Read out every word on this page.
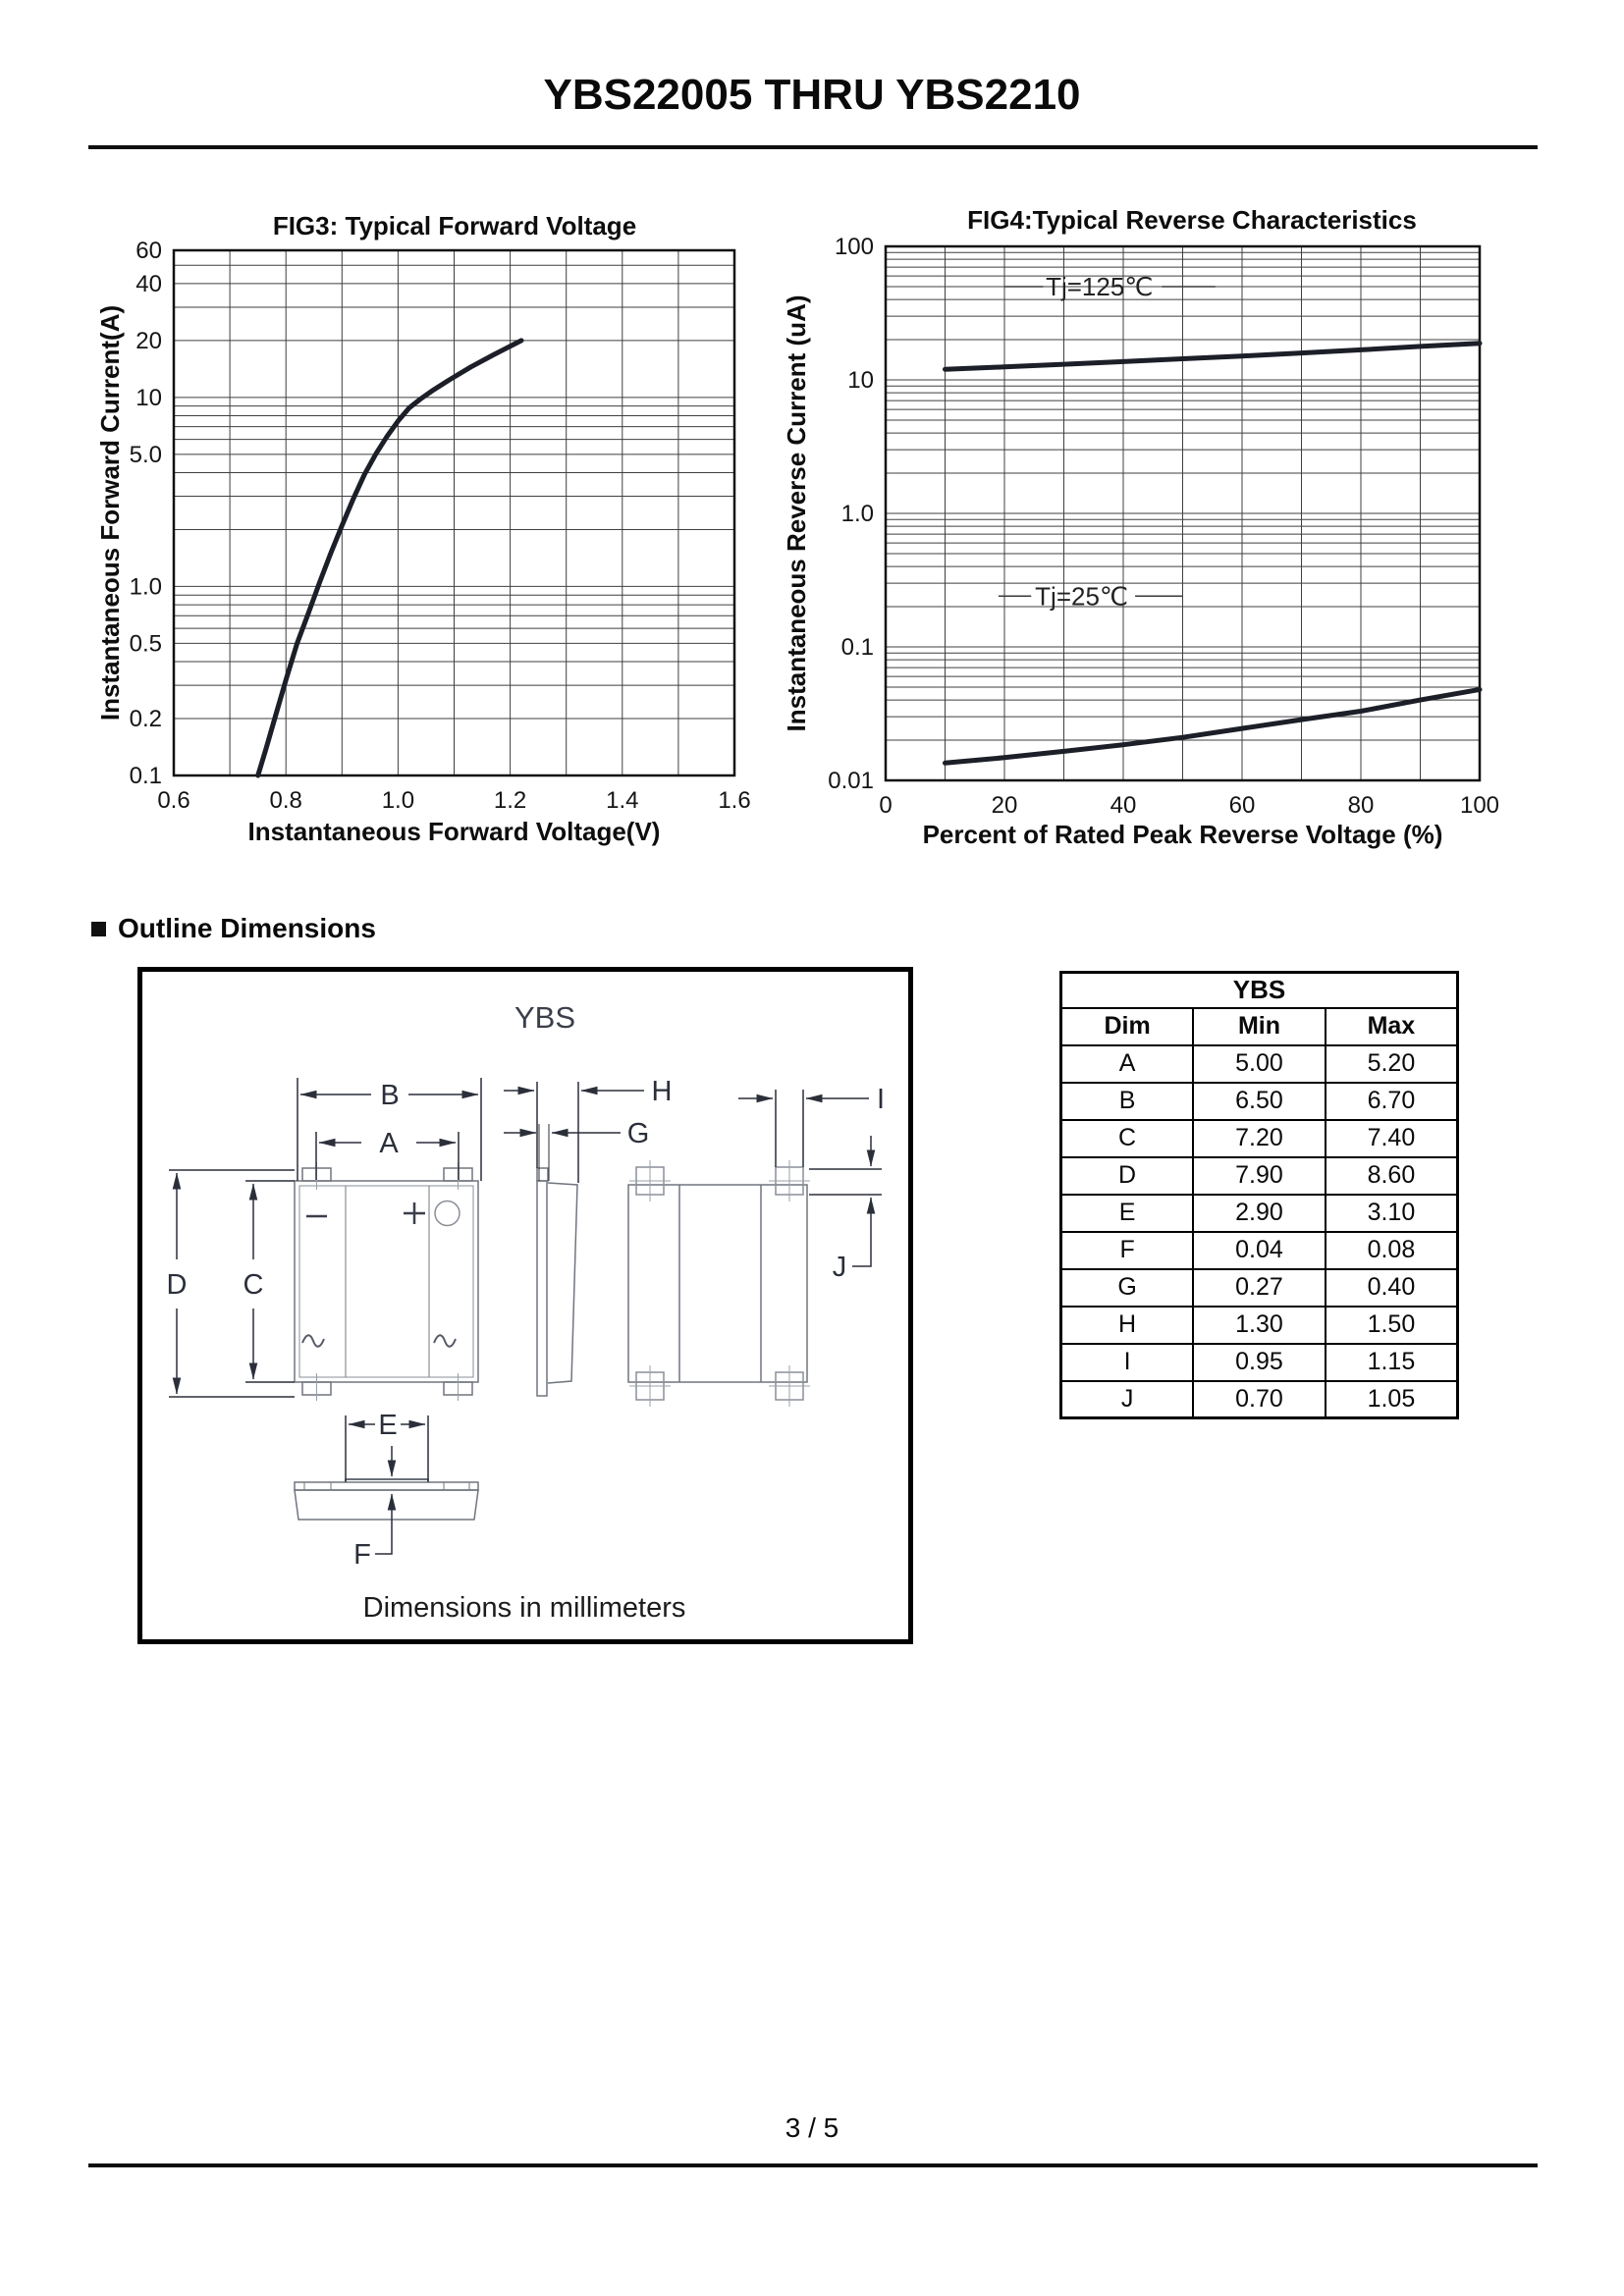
YBS22005 THRU YBS2210
0.6	0.8	1.0	1.2	1.4	1.6
60
40
20
10
5.0
1.0
0.5
0.2
0.1
FIG3: Typical Forward Voltage
Instantaneous Forward Voltage(V)
Instantaneous Forward Current(A)
0	20	40	60	80	100
100
10
1.0
0.1
0.01
Tj=125℃
Tj=25℃
FIG4:Typical Reverse Characteristics
Percent of Rated Peak Reverse Voltage (%)
Instantaneous Reverse Current (uA)
Outline Dimensions
YBS
B
A
D C
H
G
I
J
E
F
Dimensions in millimeters
YBS		
Dim	Min	Max
A	5.00	5.20
B	6.50	6.70
C	7.20	7.40
D	7.90	8.60
E	2.90	3.10
F	0.04	0.08
G	0.27	0.40
H	1.30	1.50
I	0.95	1.15
J	0.70	1.05
3 / 5
